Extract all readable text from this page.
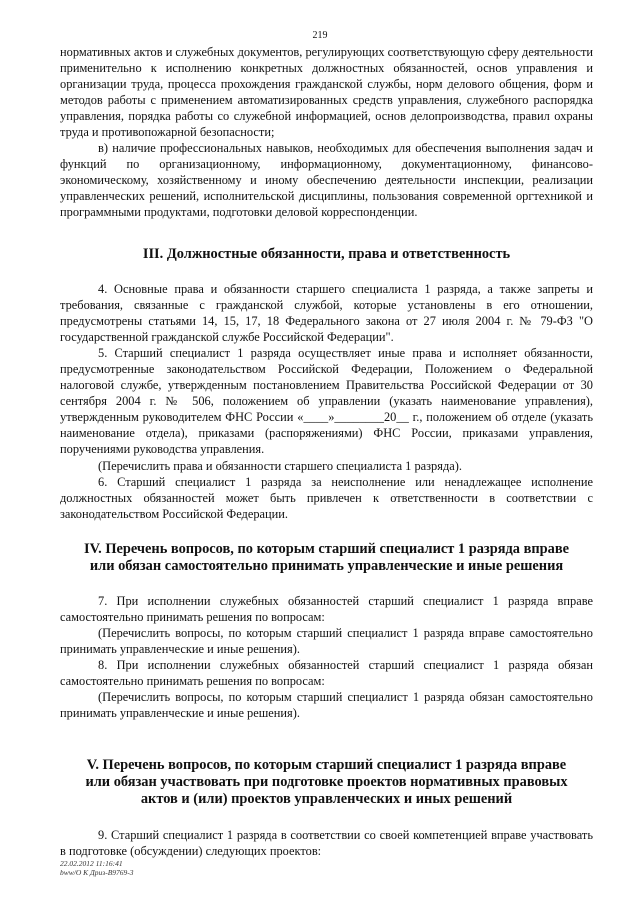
219

нормативных актов и служебных документов, регулирующих соответствующую сферу деятельности применительно к исполнению конкретных должностных обязанностей, основ управления и организации труда, процесса прохождения гражданской службы, норм делового общения, форм и методов работы с применением автоматизированных средств управления, служебного распорядка управления, порядка работы со служебной информацией, основ делопроизводства, правил охраны труда и противопожарной безопасности;

в) наличие профессиональных навыков, необходимых для обеспечения выполнения задач и функций по организационному, информационному, документационному, финансово-экономическому, хозяйственному и иному обеспечению деятельности инспекции, реализации управленческих решений, исполнительской дисциплины, пользования современной оргтехникой и программными продуктами, подготовки деловой корреспонденции.

III. Должностные обязанности, права и ответственность

4. Основные права и обязанности старшего специалиста 1 разряда, а также запреты и требования, связанные с гражданской службой, которые установлены в его отношении, предусмотрены статьями 14, 15, 17, 18 Федерального закона от 27 июля 2004 г. № 79-ФЗ "О государственной гражданской службе Российской Федерации".

5. Старший специалист 1 разряда осуществляет иные права и исполняет обязанности, предусмотренные законодательством Российской Федерации, Положением о Федеральной налоговой службе, утвержденным постановлением Правительства Российской Федерации от 30 сентября 2004 г. № 506, положением об управлении (указать наименование управления), утвержденным руководителем ФНС России «____»________20__ г., положением об отделе (указать наименование отдела), приказами (распоряжениями) ФНС России, приказами управления, поручениями руководства управления.

(Перечислить права и обязанности старшего специалиста 1 разряда).

6. Старший специалист 1 разряда за неисполнение или ненадлежащее исполнение должностных обязанностей может быть привлечен к ответственности в соответствии с законодательством Российской Федерации.

IV. Перечень вопросов, по которым старший специалист 1 разряда вправе
или обязан самостоятельно принимать управленческие и иные решения

7. При исполнении служебных обязанностей старший специалист 1 разряда вправе самостоятельно принимать решения по вопросам:

(Перечислить вопросы, по которым старший специалист 1 разряда вправе самостоятельно принимать управленческие и иные решения).

8. При исполнении служебных обязанностей старший специалист 1 разряда обязан самостоятельно принимать решения по вопросам:

(Перечислить вопросы, по которым старший специалист 1 разряда обязан самостоятельно принимать управленческие и иные решения).

V. Перечень вопросов, по которым старший специалист 1 разряда вправе
или обязан участвовать при подготовке проектов нормативных правовых
актов и (или) проектов управленческих и иных решений

9. Старший специалист 1 разряда в соответствии со своей компетенцией вправе участвовать в подготовке (обсуждении) следующих проектов:

22.02.2012 11:16:41
bww/O K Дриз-В9769-3
